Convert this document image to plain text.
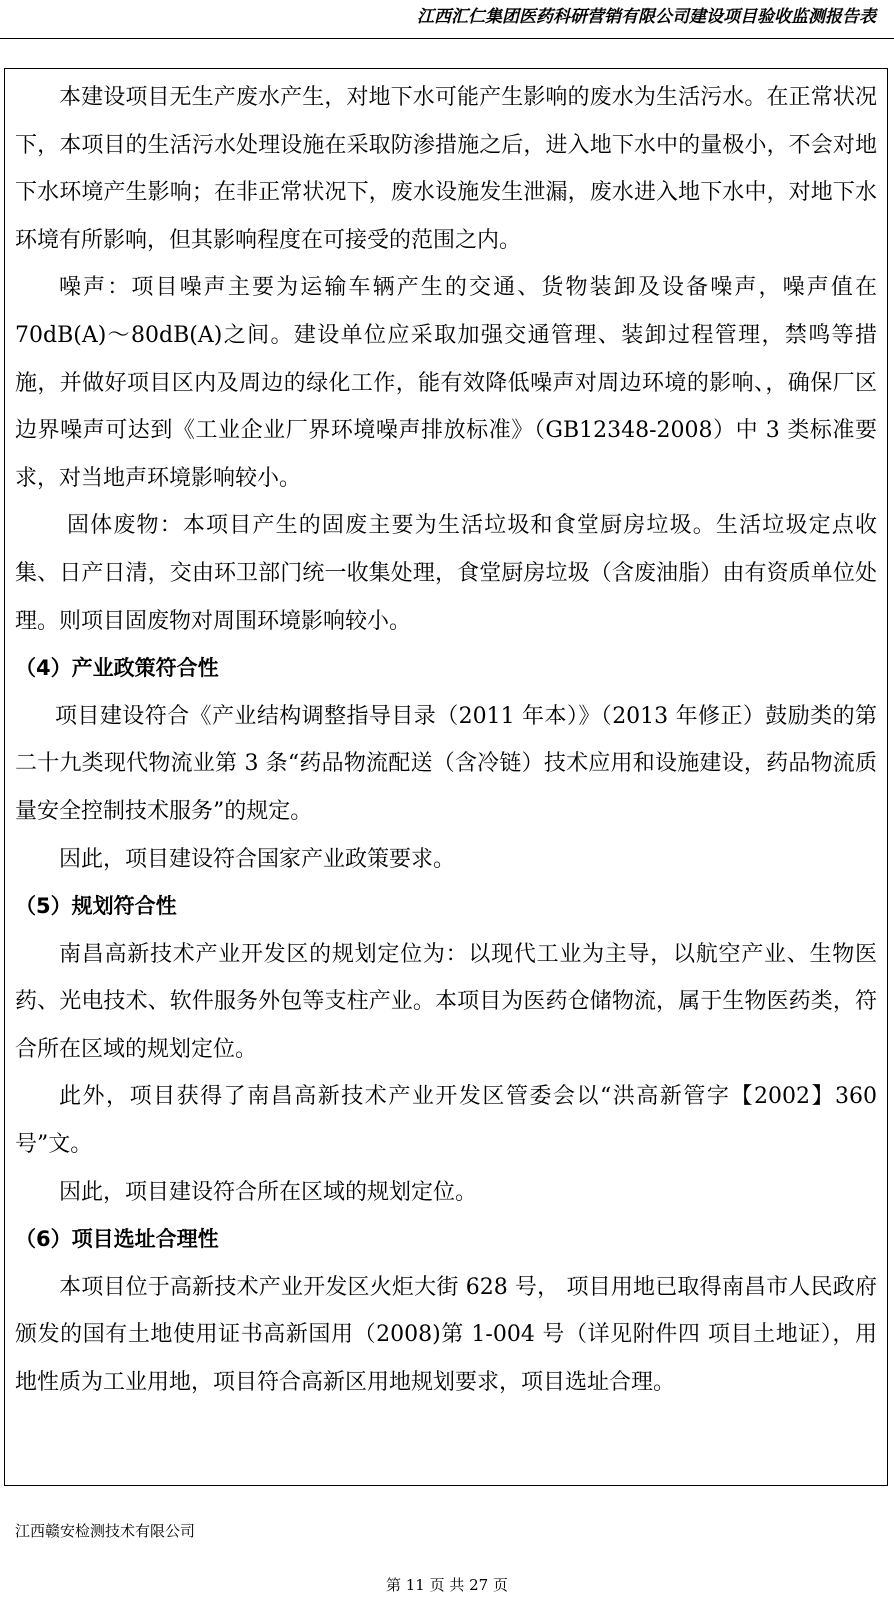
江西汇仁集团医药科研营销有限公司建设项目验收监测报告表

本建设项目无生产废水产生，对地下水可能产生影响的废水为生活污水。在正常状况下，本项目的生活污水处理设施在采取防渗措施之后，进入地下水中的量极小，不会对地下水环境产生影响；在非正常状况下，废水设施发生泄漏，废水进入地下水中，对地下水环境有所影响，但其影响程度在可接受的范围之内。

噪声：项目噪声主要为运输车辆产生的交通、货物装卸及设备噪声，噪声值在 70dB(A)～80dB(A)之间。建设单位应采取加强交通管理、装卸过程管理，禁鸣等措施，并做好项目区内及周边的绿化工作，能有效降低噪声对周边环境的影响、，确保厂区边界噪声可达到《工业企业厂界环境噪声排放标准》（GB12348-2008）中 3 类标准要求，对当地声环境影响较小。

固体废物：本项目产生的固废主要为生活垃圾和食堂厨房垃圾。生活垃圾定点收集、日产日清，交由环卫部门统一收集处理，食堂厨房垃圾（含废油脂）由有资质单位处理。则项目固废物对周围环境影响较小。

（4）产业政策符合性

项目建设符合《产业结构调整指导目录（2011 年本）》（2013 年修正）鼓励类的第二十九类现代物流业第 3 条“药品物流配送（含冷链）技术应用和设施建设，药品物流质量安全控制技术服务”的规定。

因此，项目建设符合国家产业政策要求。

（5）规划符合性

南昌高新技术产业开发区的规划定位为：以现代工业为主导，以航空产业、生物医药、光电技术、软件服务外包等支柱产业。本项目为医药仓储物流，属于生物医药类，符合所在区域的规划定位。

此外，项目获得了南昌高新技术产业开发区管委会以“洪高新管字【2002】360 号”文。

因此，项目建设符合所在区域的规划定位。

（6）项目选址合理性

本项目位于高新技术产业开发区火炬大街 628 号， 项目用地已取得南昌市人民政府颁发的国有土地使用证书高新国用（2008)第 1-004 号（详见附件四 项目土地证），用地性质为工业用地，项目符合高新区用地规划要求，项目选址合理。

江西赣安检测技术有限公司
第 11 页 共 27 页
